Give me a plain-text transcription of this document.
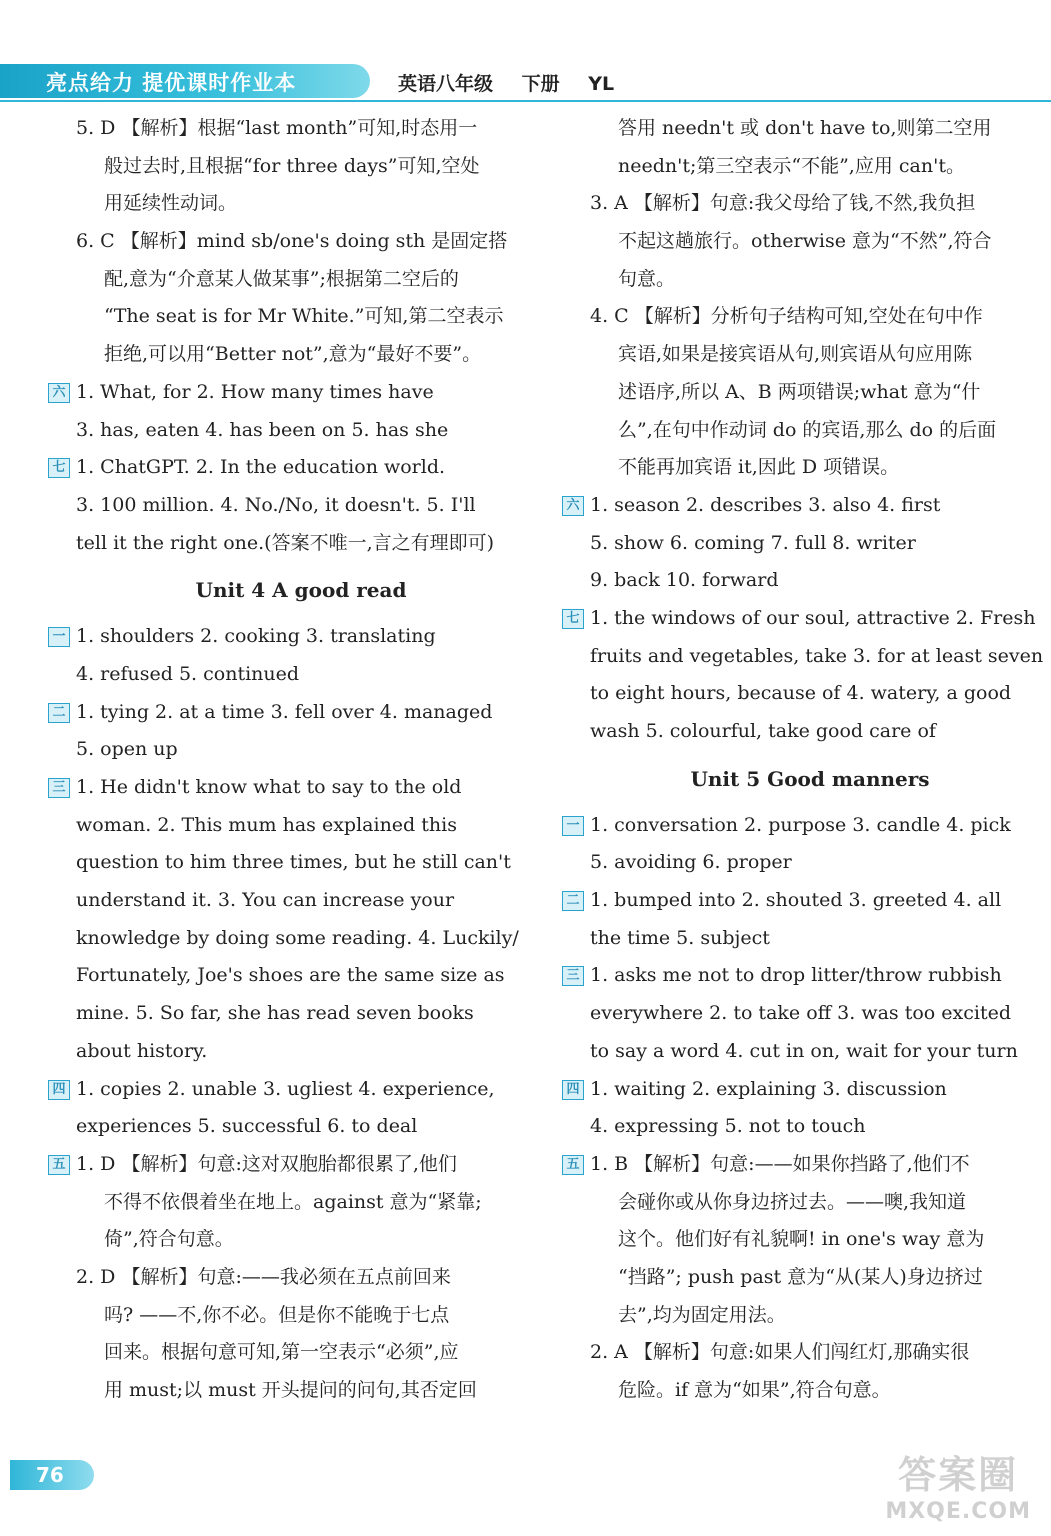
亮点给力 提优课时作业本	英语八年级 下册 YL
5. D 【解析】根据“last month”可知,时态用一
般过去时,且根据“for three days”可知,空处
用延续性动词。
6. C 【解析】mind sb/one's doing sth 是固定搭
配,意为“介意某人做某事”;根据第二空后的
“The seat is for Mr White.”可知,第二空表示
拒绝,可以用“Better not”,意为“最好不要”。
六 1. What, for 2. How many times have
3. has, eaten 4. has been on 5. has she
七 1. ChatGPT. 2. In the education world.
3. 100 million. 4. No./No, it doesn't. 5. I'll
tell it the right one.(答案不唯一,言之有理即可)
Unit 4 A good read
一 1. shoulders 2. cooking 3. translating
4. refused 5. continued
二 1. tying 2. at a time 3. fell over 4. managed
5. open up
三 1. He didn't know what to say to the old
woman. 2. This mum has explained this
question to him three times, but he still can't
understand it. 3. You can increase your
knowledge by doing some reading. 4. Luckily/
Fortunately, Joe's shoes are the same size as
mine. 5. So far, she has read seven books
about history.
四 1. copies 2. unable 3. ugliest 4. experience,
experiences 5. successful 6. to deal
五 1. D 【解析】句意:这对双胞胎都很累了,他们
不得不依偎着坐在地上。against 意为“紧靠;
倚”,符合句意。
2. D 【解析】句意:——我必须在五点前回来
吗? ——不,你不必。但是你不能晚于七点
回来。根据句意可知,第一空表示“必须”,应
用 must;以 must 开头提问的问句,其否定回
答用 needn't 或 don't have to,则第二空用
needn't;第三空表示“不能”,应用 can't。
3. A 【解析】句意:我父母给了钱,不然,我负担
不起这趟旅行。otherwise 意为“不然”,符合
句意。
4. C 【解析】分析句子结构可知,空处在句中作
宾语,如果是接宾语从句,则宾语从句应用陈
述语序,所以 A、B 两项错误;what 意为“什
么”,在句中作动词 do 的宾语,那么 do 的后面
不能再加宾语 it,因此 D 项错误。
六 1. season 2. describes 3. also 4. first
5. show 6. coming 7. full 8. writer
9. back 10. forward
七 1. the windows of our soul, attractive 2. Fresh
fruits and vegetables, take 3. for at least seven
to eight hours, because of 4. watery, a good
wash 5. colourful, take good care of
Unit 5 Good manners
一 1. conversation 2. purpose 3. candle 4. pick
5. avoiding 6. proper
二 1. bumped into 2. shouted 3. greeted 4. all
the time 5. subject
三 1. asks me not to drop litter/throw rubbish
everywhere 2. to take off 3. was too excited
to say a word 4. cut in on, wait for your turn
四 1. waiting 2. explaining 3. discussion
4. expressing 5. not to touch
五 1. B 【解析】句意:——如果你挡路了,他们不
会碰你或从你身边挤过去。——噢,我知道
这个。他们好有礼貌啊! in one's way 意为
“挡路”; push past 意为“从(某人)身边挤过
去”,均为固定用法。
2. A 【解析】句意:如果人们闯红灯,那确实很
危险。if 意为“如果”,符合句意。
76	答案圈
MXQE.COM
